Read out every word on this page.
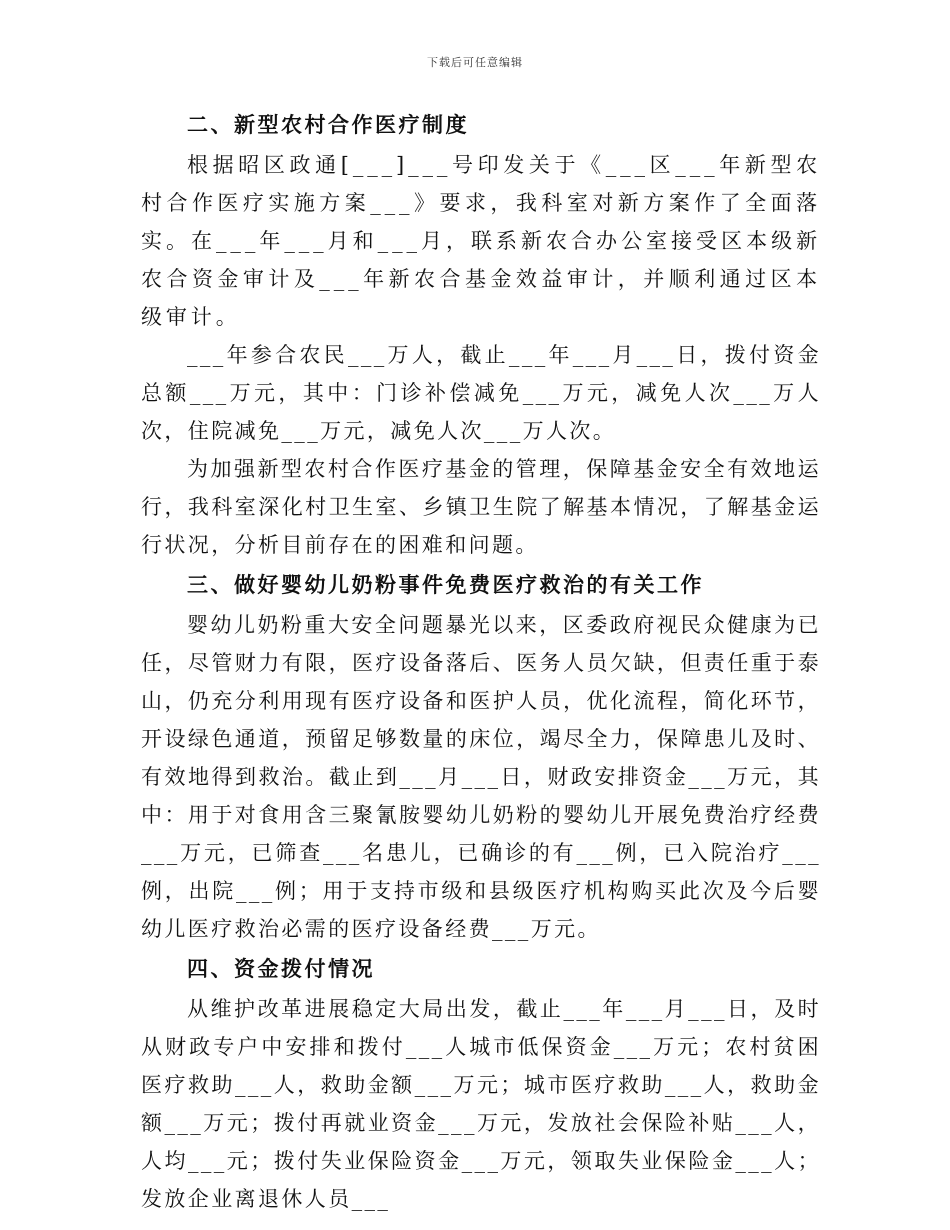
下载后可任意编辑
二、新型农村合作医疗制度

根据昭区政通[___]___号印发关于《___区___年新型农村合作医疗实施方案___》要求，我科室对新方案作了全面落实。在___年___月和___月，联系新农合办公室接受区本级新农合资金审计及___年新农合基金效益审计，并顺利通过区本级审计。

___年参合农民___万人，截止___年___月___日，拨付资金总额___万元，其中：门诊补偿减免___万元，减免人次___万人次，住院减免___万元，减免人次___万人次。

为加强新型农村合作医疗基金的管理，保障基金安全有效地运行，我科室深化村卫生室、乡镇卫生院了解基本情况，了解基金运行状况，分析目前存在的困难和问题。

三、做好婴幼儿奶粉事件免费医疗救治的有关工作

婴幼儿奶粉重大安全问题暴光以来，区委政府视民众健康为已任，尽管财力有限，医疗设备落后、医务人员欠缺，但责任重于泰山，仍充分利用现有医疗设备和医护人员，优化流程，简化环节，开设绿色通道，预留足够数量的床位，竭尽全力，保障患儿及时、有效地得到救治。截止到___月___日，财政安排资金___万元，其中：用于对食用含三聚氰胺婴幼儿奶粉的婴幼儿开展免费治疗经费___万元，已筛查___名患儿，已确诊的有___例，已入院治疗___例，出院___例；用于支持市级和县级医疗机构购买此次及今后婴幼儿医疗救治必需的医疗设备经费___万元。

四、资金拨付情况

从维护改革进展稳定大局出发，截止___年___月___日，及时从财政专户中安排和拨付___人城市低保资金___万元；农村贫困医疗救助___人，救助金额___万元；城市医疗救助___人，救助金额___万元；拨付再就业资金___万元，发放社会保险补贴___人，人均___元；拨付失业保险资金___万元，领取失业保险金___人；发放企业离退休人员___
